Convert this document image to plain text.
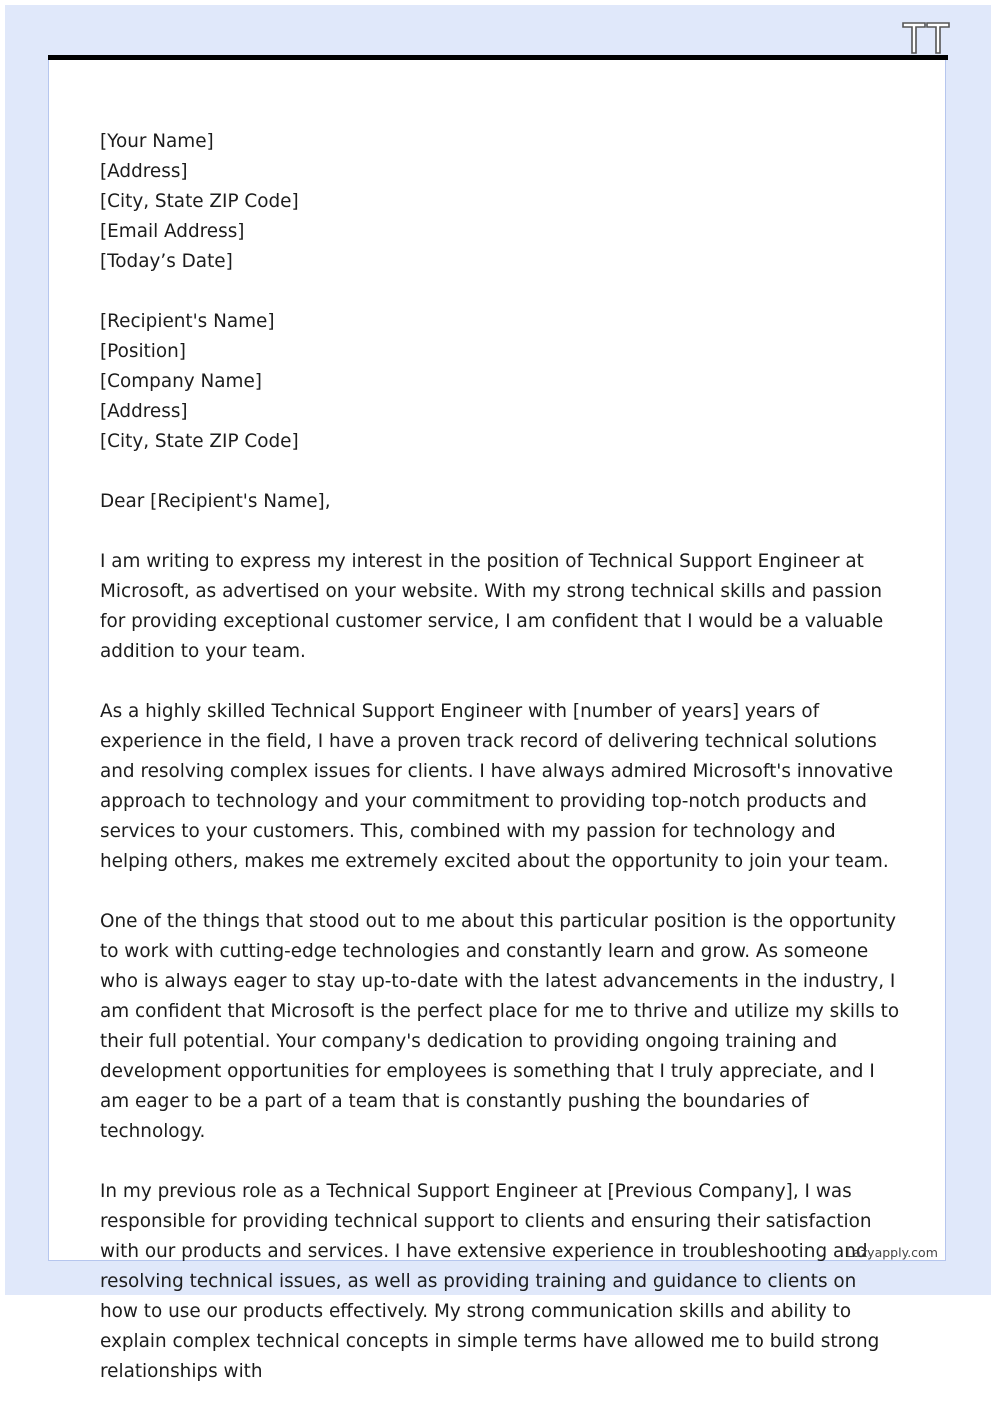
[Your Name]
[Address]
[City, State ZIP Code]
[Email Address]
[Today’s Date]

[Recipient's Name]
[Position]
[Company Name]
[Address]
[City, State ZIP Code]

Dear [Recipient's Name],

I am writing to express my interest in the position of Technical Support Engineer at Microsoft, as advertised on your website. With my strong technical skills and passion for providing exceptional customer service, I am confident that I would be a valuable addition to your team.

As a highly skilled Technical Support Engineer with [number of years] years of experience in the field, I have a proven track record of delivering technical solutions and resolving complex issues for clients. I have always admired Microsoft's innovative approach to technology and your commitment to providing top-notch products and services to your customers. This, combined with my passion for technology and helping others, makes me extremely excited about the opportunity to join your team.

One of the things that stood out to me about this particular position is the opportunity to work with cutting-edge technologies and constantly learn and grow. As someone who is always eager to stay up-to-date with the latest advancements in the industry, I am confident that Microsoft is the perfect place for me to thrive and utilize my skills to their full potential. Your company's dedication to providing ongoing training and development opportunities for employees is something that I truly appreciate, and I am eager to be a part of a team that is constantly pushing the boundaries of technology.

In my previous role as a Technical Support Engineer at [Previous Company], I was responsible for providing technical support to clients and ensuring their satisfaction with our products and services. I have extensive experience in troubleshooting and resolving technical issues, as well as providing training and guidance to clients on how to use our products effectively. My strong communication skills and ability to explain complex technical concepts in simple terms have allowed me to build strong relationships with

Lazyapply.com
